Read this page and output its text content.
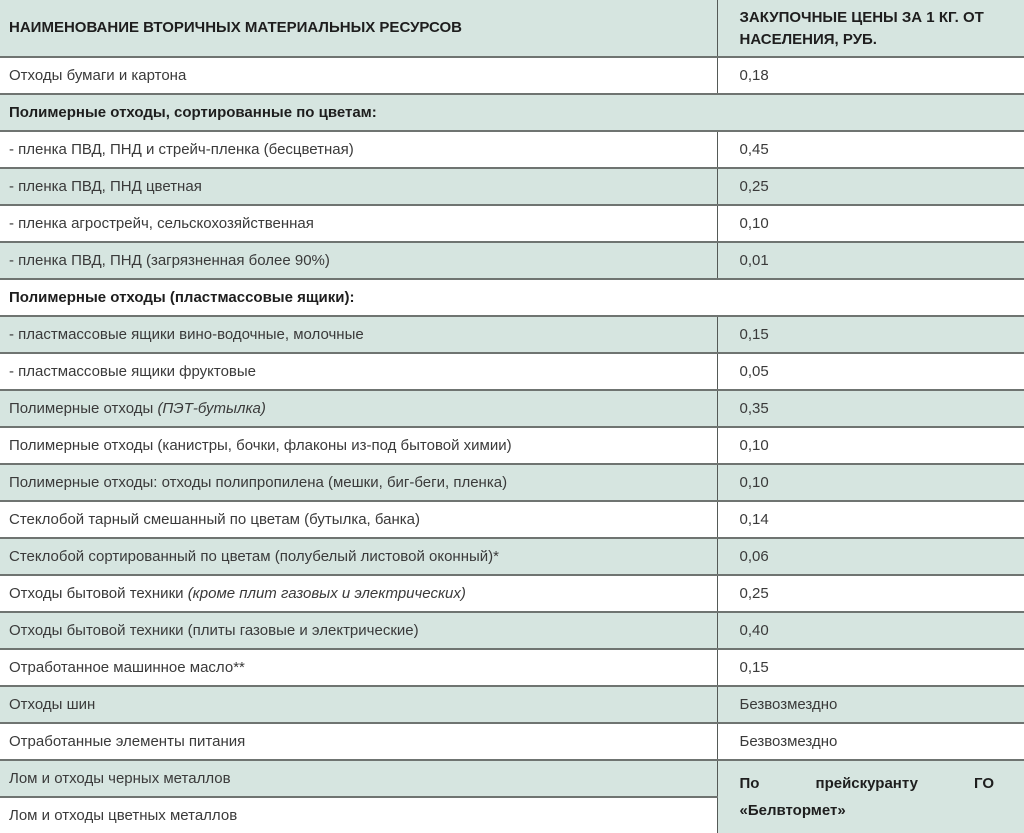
НАИМЕНОВАНИЕ ВТОРИЧНЫХ МАТЕРИАЛЬНЫХ РЕСУРСОВ	ЗАКУПОЧНЫЕ ЦЕНЫ ЗА 1 КГ. ОТ НАСЕЛЕНИЯ, РУБ.
Отходы бумаги и картона	0,18
Полимерные отходы, сортированные по цветам:	
- пленка ПВД, ПНД и стрейч-пленка (бесцветная)	0,45
- пленка ПВД, ПНД цветная	0,25
- пленка агрострейч, сельскохозяйственная	0,10
- пленка ПВД, ПНД (загрязненная более 90%)	0,01
Полимерные отходы (пластмассовые ящики):	
- пластмассовые ящики вино-водочные, молочные	0,15
- пластмассовые ящики фруктовые	0,05
Полимерные отходы (ПЭТ-бутылка)	0,35
Полимерные отходы (канистры, бочки, флаконы из-под бытовой химии)	0,10
Полимерные отходы: отходы полипропилена (мешки, биг-беги, пленка)	0,10
Стеклобой тарный смешанный по цветам (бутылка, банка)	0,14
Стеклобой сортированный по цветам (полубелый листовой оконный)*	0,06
Отходы бытовой техники (кроме плит газовых и электрических)	0,25
Отходы бытовой техники (плиты газовые и электрические)	0,40
Отработанное машинное масло**	0,15
Отходы шин	Безвозмездно
Отработанные элементы питания	Безвозмездно
Лом и отходы черных металлов	По прейскуранту ГО «Белвтормет»
Лом и отходы цветных металлов	
